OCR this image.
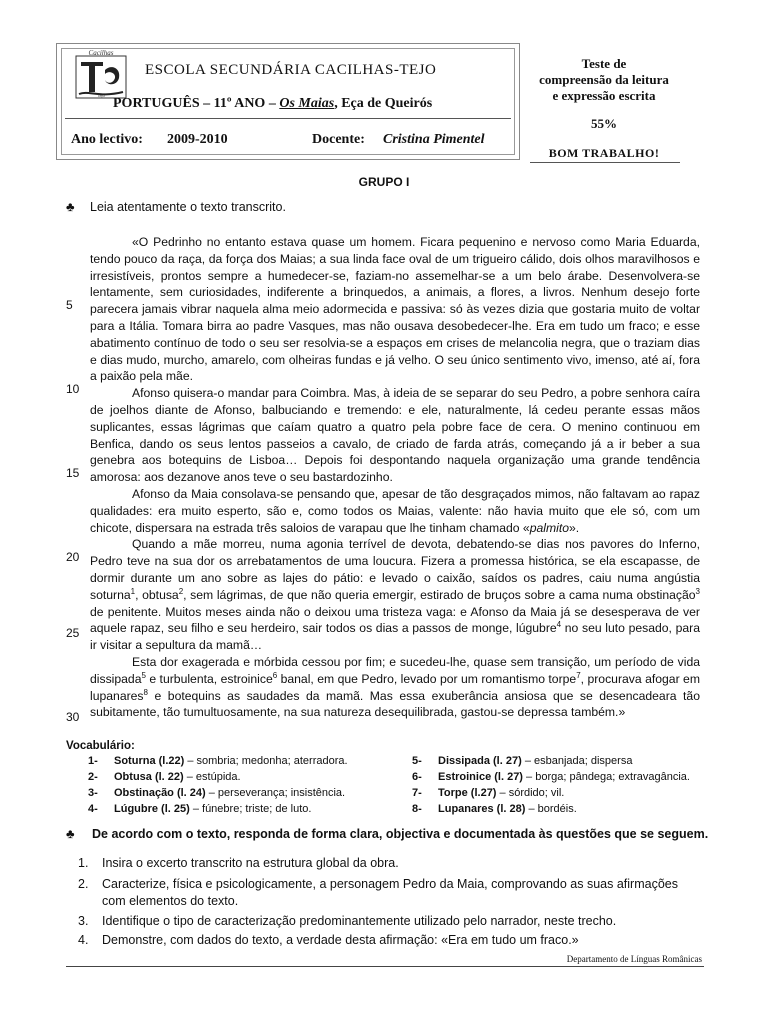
Cacilhas
Tejo
ESCOLA SECUNDÁRIA CACILHAS-TEJO
PORTUGUÊS – 11º ANO – Os Maias, Eça de Queirós
Ano lectivo: 2009-2010	Docente: Cristina Pimentel
Teste de
compreensão da leitura
e expressão escrita
55%
BOM TRABALHO!
GRUPO I
♣ Leia atentamente o texto transcrito.
5
10
15
20
25
30

«O Pedrinho no entanto estava quase um homem. Ficara pequenino e nervoso como Maria Eduarda, tendo pouco da raça, da força dos Maias; a sua linda face oval de um trigueiro cálido, dois olhos maravilhosos e irresistíveis, prontos sempre a humedecer-se, faziam-no assemelhar-se a um belo árabe. Desenvolvera-se lentamente, sem curiosidades, indiferente a brinquedos, a animais, a flores, a livros. Nenhum desejo forte parecera jamais vibrar naquela alma meio adormecida e passiva: só às vezes dizia que gostaria muito de voltar para a Itália. Tomara birra ao padre Vasques, mas não ousava desobedecer-lhe. Era em tudo um fraco; e esse abatimento contínuo de todo o seu ser resolvia-se a espaços em crises de melancolia negra, que o traziam dias e dias mudo, murcho, amarelo, com olheiras fundas e já velho. O seu único sentimento vivo, imenso, até aí, fora a paixão pela mãe.

Afonso quisera-o mandar para Coimbra. Mas, à ideia de se separar do seu Pedro, a pobre senhora caíra de joelhos diante de Afonso, balbuciando e tremendo: e ele, naturalmente, lá cedeu perante essas mãos suplicantes, essas lágrimas que caíam quatro a quatro pela pobre face de cera. O menino continuou em Benfica, dando os seus lentos passeios a cavalo, de criado de farda atrás, começando já a ir beber a sua genebra aos botequins de Lisboa… Depois foi despontando naquela organização uma grande tendência amorosa: aos dezanove anos teve o seu bastardozinho.

Afonso da Maia consolava-se pensando que, apesar de tão desgraçados mimos, não faltavam ao rapaz qualidades: era muito esperto, são e, como todos os Maias, valente: não havia muito que ele só, com um chicote, dispersara na estrada três saloios de varapau que lhe tinham chamado «palmito».

Quando a mãe morreu, numa agonia terrível de devota, debatendo-se dias nos pavores do Inferno, Pedro teve na sua dor os arrebatamentos de uma loucura. Fizera a promessa histórica, se ela escapasse, de dormir durante um ano sobre as lajes do pátio: e levado o caixão, saídos os padres, caiu numa angústia soturna$^1$, obtusa$^2$, sem lágrimas, de que não queria emergir, estirado de bruços sobre a cama numa obstinação$^3$ de penitente. Muitos meses ainda não o deixou uma tristeza vaga: e Afonso da Maia já se desesperava de ver aquele rapaz, seu filho e seu herdeiro, sair todos os dias a passos de monge, lúgubre$^4$ no seu luto pesado, para ir visitar a sepultura da mamã…

Esta dor exagerada e mórbida cessou por fim; e sucedeu-lhe, quase sem transição, um período de vida dissipada$^5$ e turbulenta, estroinice$^6$ banal, em que Pedro, levado por um romantismo torpe$^7$, procurava afogar em lupanares$^8$ e botequins as saudades da mamã. Mas essa exuberância ansiosa que se desencadeara tão subitamente, tão tumultuosamente, na sua natureza desequilibrada, gastou-se depressa também.»

Vocabulário:
1- Soturna (l.22) – sombria; medonha; aterradora.
2- Obtusa (l. 22) – estúpida.
3- Obstinação (l. 24) – perseverança; insistência.
4- Lúgubre (l. 25) – fúnebre; triste; de luto.
5- Dissipada (l. 27) – esbanjada; dispersa
6- Estroinice (l. 27) – borga; pândega; extravagância.
7- Torpe (l.27) – sórdido; vil.
8- Lupanares (l. 28) – bordéis.
♣ De acordo com o texto, responda de forma clara, objectiva e documentada às questões que se seguem.
1.	Insira o excerto transcrito na estrutura global da obra.
2.	Caracterize, física e psicologicamente, a personagem Pedro da Maia, comprovando as suas afirmações com elementos do texto.
3.	Identifique o tipo de caracterização predominantemente utilizado pelo narrador, neste trecho.
4.	Demonstre, com dados do texto, a verdade desta afirmação: «Era em tudo um fraco.»
Departamento de Línguas Românicas
